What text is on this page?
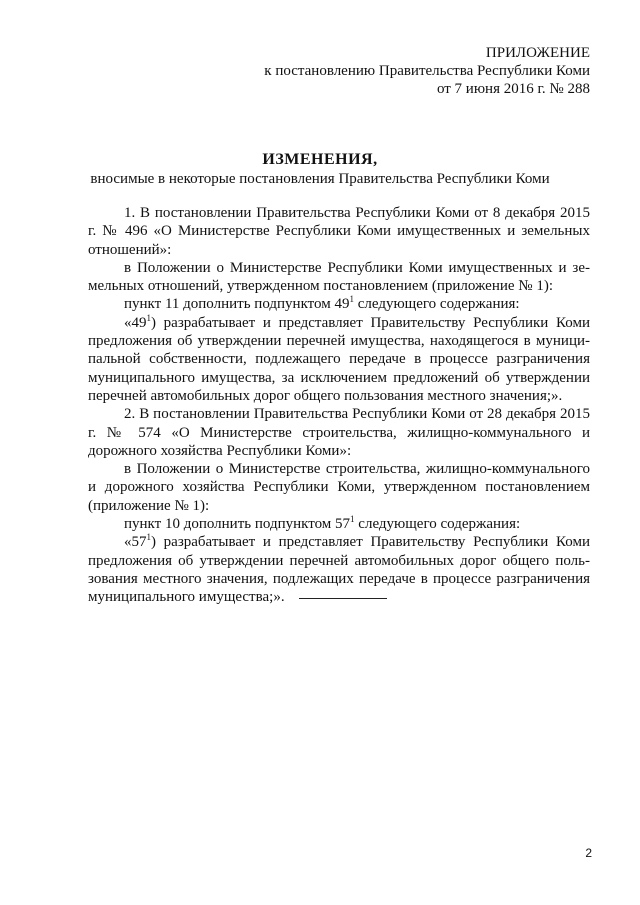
ПРИЛОЖЕНИЕ
к постановлению Правительства Республики Коми
от 7 июня 2016 г. № 288
ИЗМЕНЕНИЯ,
вносимые в некоторые постановления Правительства Республики Коми

1. В постановлении Правительства Республики Коми от 8 декабря 2015 г. № 496 «О Министерстве Республики Коми имущественных и земельных отношений»:

в Положении о Министерстве Республики Коми имущественных и земельных отношений, утвержденном постановлением (приложение № 1):

пункт 11 дополнить подпунктом $49^1$ следующего содержания:

«$49^1$) разрабатывает и представляет Правительству Республики Коми предложения об утверждении перечней имущества, находящегося в муниципальной собственности, подлежащего передаче в процессе разграничения муниципального имущества, за исключением предложений об утверждении перечней автомобильных дорог общего пользования местного значения;».

2. В постановлении Правительства Республики Коми от 28 декабря 2015 г. № 574 «О Министерстве строительства, жилищно-коммунального и дорожного хозяйства Республики Коми»:

в Положении о Министерстве строительства, жилищно-коммунального и дорожного хозяйства Республики Коми, утвержденном постановлением (приложение № 1):

пункт 10 дополнить подпунктом $57^1$ следующего содержания:

«$57^1$) разрабатывает и представляет Правительству Республики Коми предложения об утверждении перечней автомобильных дорог общего пользования местного значения, подлежащих передаче в процессе разграничения муниципального имущества;».

2
